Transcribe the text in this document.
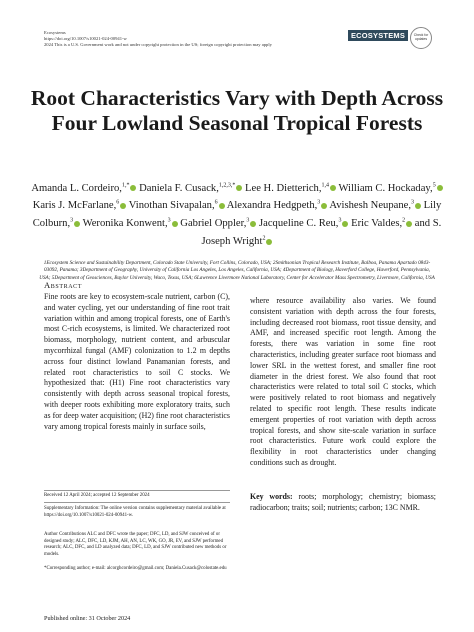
Ecosystems
https://doi.org/10.1007/s10021-024-00941-w
2024 This is a U.S. Government work and not under copyright protection in the US; foreign copyright protection may apply
ECOSYSTEMS	Check for updates
Root Characteristics Vary with Depth Across Four Lowland Seasonal Tropical Forests
Amanda L. Cordeiro,$^{1,*}$ Daniela F. Cusack,$^{1,2,3,*}$ Lee H. Dietterich,$^{1,4}$ William C. Hockaday,$^5$ Karis J. McFarlane,$^6$ Vinothan Sivapalan,$^6$ Alexandra Hedgpeth,$^3$ Avishesh Neupane,$^3$ Lily Colburn,$^3$ Weronika Konwent,$^3$ Gabriel Oppler,$^3$ Jacqueline C. Reu,$^3$ Eric Valdes,$^2$ and S. Joseph Wright$^2$
1Ecosystem Science and Sustainability Department, Colorado State University, Fort Collins, Colorado, USA; 2Smithsonian Tropical Research Institute, Balboa, Panama Apartado 0843-03092, Panama; 3Department of Geography, University of California Los Angeles, Los Angeles, California, USA; 4Department of Biology, Haverford College, Haverford, Pennsylvania, USA; 5Department of Geosciences, Baylor University, Waco, Texas, USA; 6Lawrence Livermore National Laboratory, Center for Accelerator Mass Spectrometry, Livermore, California, USA
Abstract
Fine roots are key to ecosystem-scale nutrient, carbon (C), and water cycling, yet our understanding of fine root trait variation within and among tropical forests, one of Earth's most C-rich ecosystems, is limited. We characterized root biomass, morphology, nutrient content, and arbuscular mycorrhizal fungal (AMF) colonization to 1.2 m depths across four distinct lowland Panamanian forests, and related root characteristics to soil C stocks. We hypothesized that: (H1) Fine root characteristics vary consistently with depth across seasonal tropical forests, with deeper roots exhibiting more exploratory traits, such as for deep water acquisition; (H2) fine root characteristics vary among tropical forests mainly in surface soils,
where resource availability also varies. We found consistent variation with depth across the four forests, including decreased root biomass, root tissue density, and AMF, and increased specific root length. Among the forests, there was variation in some fine root characteristics, including greater surface root biomass and lower SRL in the wettest forest, and smaller fine root diameter in the driest forest. We also found that root characteristics were related to total soil C stocks, which were positively related to root biomass and negatively related to specific root length. These results indicate emergent properties of root variation with depth across tropical forests, and show site-scale variation in surface root characteristics. Future work could explore the flexibility in root characteristics under changing conditions such as drought.
Received 12 April 2024; accepted 12 September 2024
Supplementary Information: The online version contains supplementary material available at https://doi.org/10.1007/s10021-024-00941-w.
Author Contributions ALC and DFC wrote the paper; DFC, LD, and SJW conceived of or designed study; ALC, DFC, LD, KJM, AH, AN, LC, WK, GO, JR, EV, and SJW performed research; ALC, DFC, and LD analyzed data; DFC, LD, and SJW contributed new methods or models.
*Corresponding author; e-mail: alcorghcordeiro@gmail.com; Daniela.Cusack@colostate.edu
Key words: roots; morphology; chemistry; biomass; radiocarbon; traits; soil; nutrients; carbon; 13C NMR.
Published online: 31 October 2024
